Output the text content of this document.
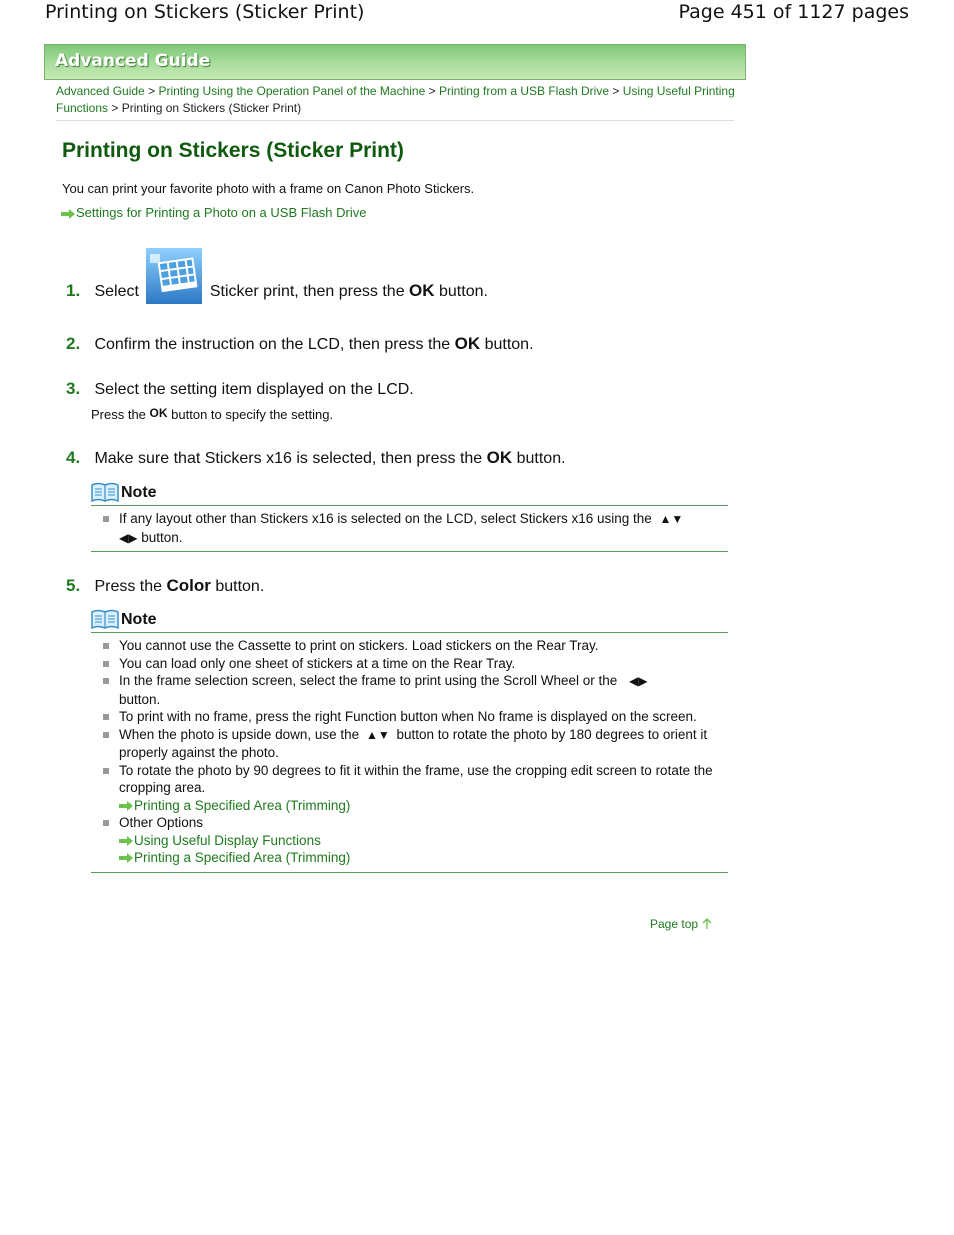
Printing on Stickers (Sticker Print)	Page 451 of 1127 pages
Advanced Guide
Advanced Guide > Printing Using the Operation Panel of the Machine > Printing from a USB Flash Drive > Using Useful Printing Functions > Printing on Stickers (Sticker Print)
Printing on Stickers (Sticker Print)
You can print your favorite photo with a frame on Canon Photo Stickers.
Settings for Printing a Photo on a USB Flash Drive
1. Select	Sticker print, then press the OK button.
2. Confirm the instruction on the LCD, then press the OK button.
3. Select the setting item displayed on the LCD.
Press the OK button to specify the setting.
4. Make sure that Stickers x16 is selected, then press the OK button.
Note
If any layout other than Stickers x16 is selected on the LCD, select Stickers x16 using the ▲▼
◀▶ button.
5. Press the Color button.
Note
You cannot use the Cassette to print on stickers. Load stickers on the Rear Tray.
You can load only one sheet of stickers at a time on the Rear Tray.
In the frame selection screen, select the frame to print using the Scroll Wheel or the ◀▶
button.
To print with no frame, press the right Function button when No frame is displayed on the screen.
When the photo is upside down, use the ▲▼ button to rotate the photo by 180 degrees to orient it properly against the photo.
To rotate the photo by 90 degrees to fit it within the frame, use the cropping edit screen to rotate the cropping area.
Printing a Specified Area (Trimming)
Other Options
Using Useful Display Functions
Printing a Specified Area (Trimming)
Page top
